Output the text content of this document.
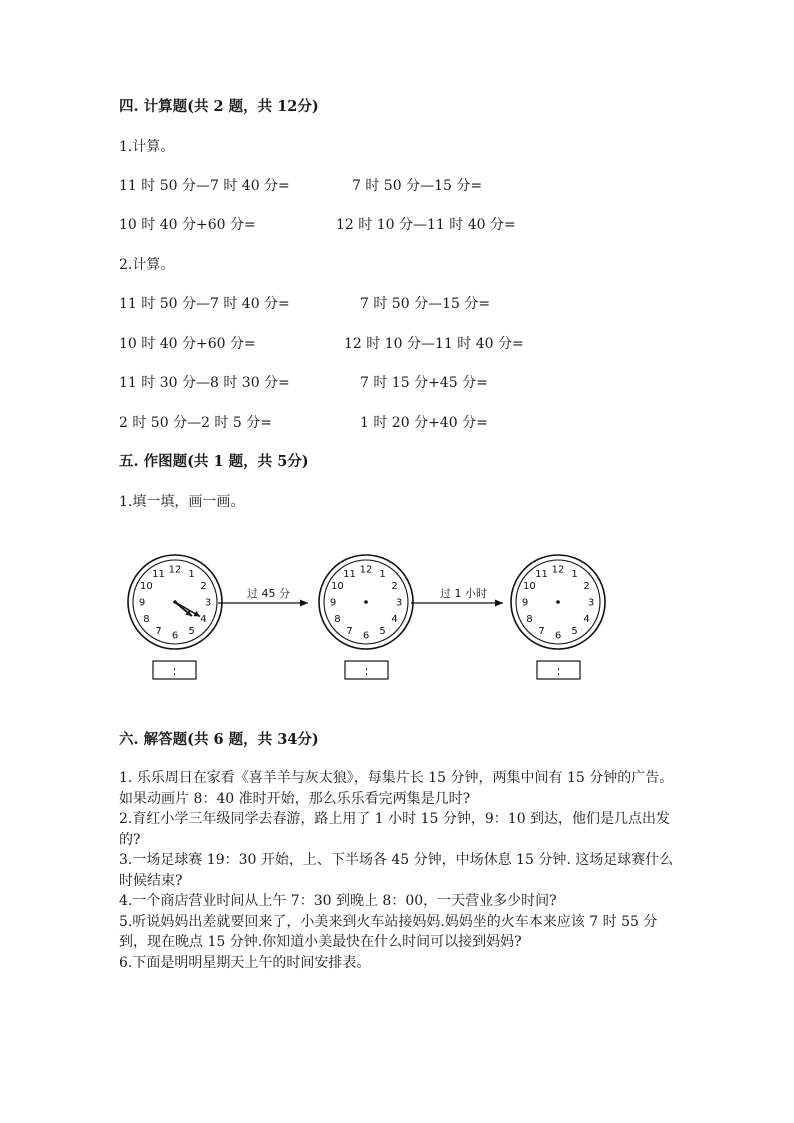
四. 计算题(共 2 题，共 12分)
1.计算。
11 时 50 分—7 时 40 分=	7 时 50 分—15 分=
10 时 40 分+60 分=	12 时 10 分—11 时 40 分=
2.计算。
11 时 50 分—7 时 40 分=	7 时 50 分—15 分=
10 时 40 分+60 分=	12 时 10 分—11 时 40 分=
11 时 30 分—8 时 30 分=	7 时 15 分+45 分=
2 时 50 分—2 时 5 分=	1 时 20 分+40 分=
五. 作图题(共 1 题，共 5分)
1.填一填，画一画。
12 1
2
3
4
5
6
7
8
9
10
11	12 1
2
3
4
5
6
7
8
9
10
11	12 1
2
3
4
5
6
7
8
9
10
11
过 45 分	过 1 小时
:	:	:
六. 解答题(共 6 题，共 34分)

1. 乐乐周日在家看《喜羊羊与灰太狼》，每集片长 15 分钟，两集中间有 15 分钟的广告。如果动画片 8：40 准时开始，那么乐乐看完两集是几时?

2.育红小学三年级同学去春游，路上用了 1 小时 15 分钟，9：10 到达，他们是几点出发的?

3.一场足球赛 19：30 开始，上、下半场各 45 分钟，中场休息 15 分钟. 这场足球赛什么时候结束?

4.一个商店营业时间从上午 7：30 到晚上 8：00，一天营业多少时间?

5.听说妈妈出差就要回来了，小美来到火车站接妈妈.妈妈坐的火车本来应该 7 时 55 分到，现在晚点 15 分钟.你知道小美最快在什么时间可以接到妈妈?

6.下面是明明星期天上午的时间安排表。
